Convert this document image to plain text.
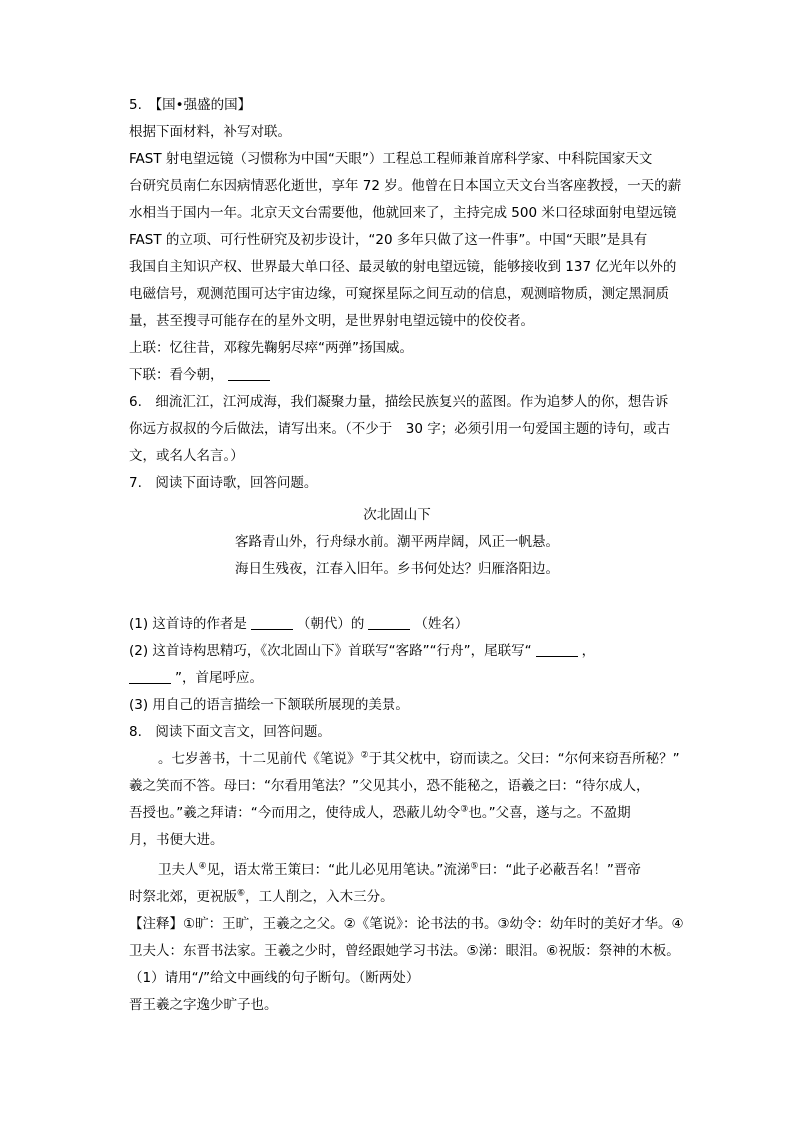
5.　【国•强盛的国】
根据下面材料，补写对联。
FAST 射电望远镜（习惯称为中国“天眼”）工程总工程师兼首席科学家、中科院国家天文
台研究员南仁东因病情恶化逝世，享年 72 岁。他曾在日本国立天文台当客座教授，一天的薪
水相当于国内一年。北京天文台需要他，他就回来了，主持完成 500 米口径球面射电望远镜
FAST 的立项、可行性研究及初步设计，“20 多年只做了这一件事”。中国“天眼”是具有
我国自主知识产权、世界最大单口径、最灵敏的射电望远镜，能够接收到 137 亿光年以外的
电磁信号，观测范围可达宇宙边缘，可窥探星际之间互动的信息，观测暗物质，测定黑洞质
量，甚至搜寻可能存在的星外文明，是世界射电望远镜中的佼佼者。
上联：忆往昔，邓稼先鞠躬尽瘁“两弹”扬国威。
下联：看今朝，
6.　细流汇江，江河成海，我们凝聚力量，描绘民族复兴的蓝图。作为追梦人的你，想告诉
你远方叔叔的今后做法，请写出来。（不少于　30 字；必须引用一句爱国主题的诗句，或古
文，或名人名言。）
7.　阅读下面诗歌，回答问题。
次北固山下
客路青山外，行舟绿水前。潮平两岸阔，风正一帆悬。
海日生残夜，江春入旧年。乡书何处达？归雁洛阳边。
(1) 这首诗的作者是	（朝代）的	（姓名）
(2) 这首诗构思精巧，《次北固山下》首联写“客路”“行舟”，尾联写“	，
”，首尾呼应。
(3) 用自己的语言描绘一下颔联所展现的美景。
8.　阅读下面文言文，回答问题。
。七岁善书，十二见前代《笔说》②于其父枕中，窃而读之。父曰：“尔何来窃吾所秘？”
羲之笑而不答。母曰：“尔看用笔法？”父见其小，恐不能秘之，语羲之曰：“待尔成人，
吾授也。”羲之拜请：“今而用之，使待成人，恐蔽儿幼令③也。”父喜，遂与之。不盈期
月，书便大进。
卫夫人④见，语太常王策曰：“此儿必见用笔诀。”流涕⑤曰：“此子必蔽吾名！”晋帝
时祭北郊，更祝版⑥，工人削之，入木三分。
【注释】①旷：王旷，王羲之之父。②《笔说》：论书法的书。③幼令：幼年时的美好才华。④
卫夫人：东晋书法家。王羲之少时，曾经跟她学习书法。⑤涕：眼泪。⑥祝版：祭神的木板。
（1）请用“/”给文中画线的句子断句。（断两处）
晋王羲之字逸少旷子也。
